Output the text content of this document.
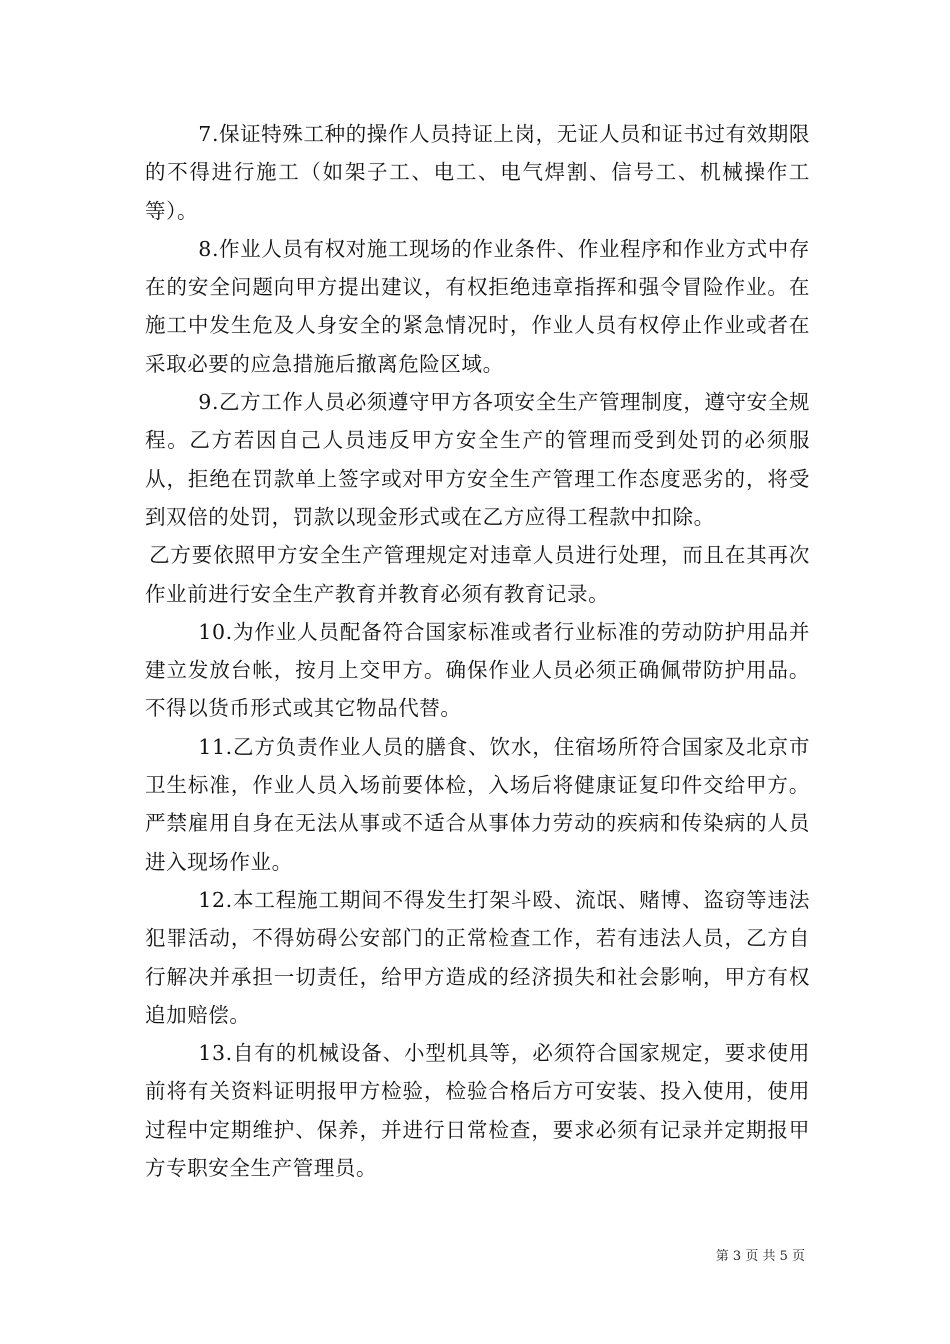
7.保证特殊工种的操作人员持证上岗，无证人员和证书过有效期限的不得进行施工（如架子工、电工、电气焊割、信号工、机械操作工等）。

8.作业人员有权对施工现场的作业条件、作业程序和作业方式中存在的安全问题向甲方提出建议，有权拒绝违章指挥和强令冒险作业。在施工中发生危及人身安全的紧急情况时，作业人员有权停止作业或者在采取必要的应急措施后撤离危险区域。

9.乙方工作人员必须遵守甲方各项安全生产管理制度，遵守安全规程。乙方若因自己人员违反甲方安全生产的管理而受到处罚的必须服从，拒绝在罚款单上签字或对甲方安全生产管理工作态度恶劣的，将受到双倍的处罚，罚款以现金形式或在乙方应得工程款中扣除。

乙方要依照甲方安全生产管理规定对违章人员进行处理，而且在其再次作业前进行安全生产教育并教育必须有教育记录。

10.为作业人员配备符合国家标准或者行业标准的劳动防护用品并建立发放台帐，按月上交甲方。确保作业人员必须正确佩带防护用品。不得以货币形式或其它物品代替。

11.乙方负责作业人员的膳食、饮水，住宿场所符合国家及北京市卫生标准，作业人员入场前要体检，入场后将健康证复印件交给甲方。严禁雇用自身在无法从事或不适合从事体力劳动的疾病和传染病的人员进入现场作业。

12.本工程施工期间不得发生打架斗殴、流氓、赌博、盗窃等违法犯罪活动，不得妨碍公安部门的正常检查工作，若有违法人员，乙方自行解决并承担一切责任，给甲方造成的经济损失和社会影响，甲方有权追加赔偿。

13.自有的机械设备、小型机具等，必须符合国家规定，要求使用前将有关资料证明报甲方检验，检验合格后方可安装、投入使用，使用过程中定期维护、保养，并进行日常检查，要求必须有记录并定期报甲方专职安全生产管理员。

第 3 页 共 5 页
